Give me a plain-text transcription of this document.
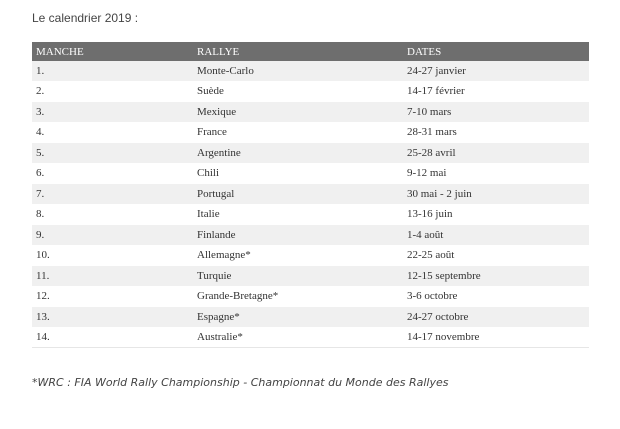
Le calendrier 2019 :
MANCHE	RALLYE	DATES
1.	Monte-Carlo	24-27 janvier
2.	Suède	14-17 février
3.	Mexique	7-10 mars
4.	France	28-31 mars
5.	Argentine	25-28 avril
6.	Chili	9-12 mai
7.	Portugal	30 mai - 2 juin
8.	Italie	13-16 juin
9.	Finlande	1-4 août
10.	Allemagne*	22-25 août
11.	Turquie	12-15 septembre
12.	Grande-Bretagne*	3-6 octobre
13.	Espagne*	24-27 octobre
14.	Australie*	14-17 novembre
*WRC : FIA World Rally Championship - Championnat du Monde des Rallyes
